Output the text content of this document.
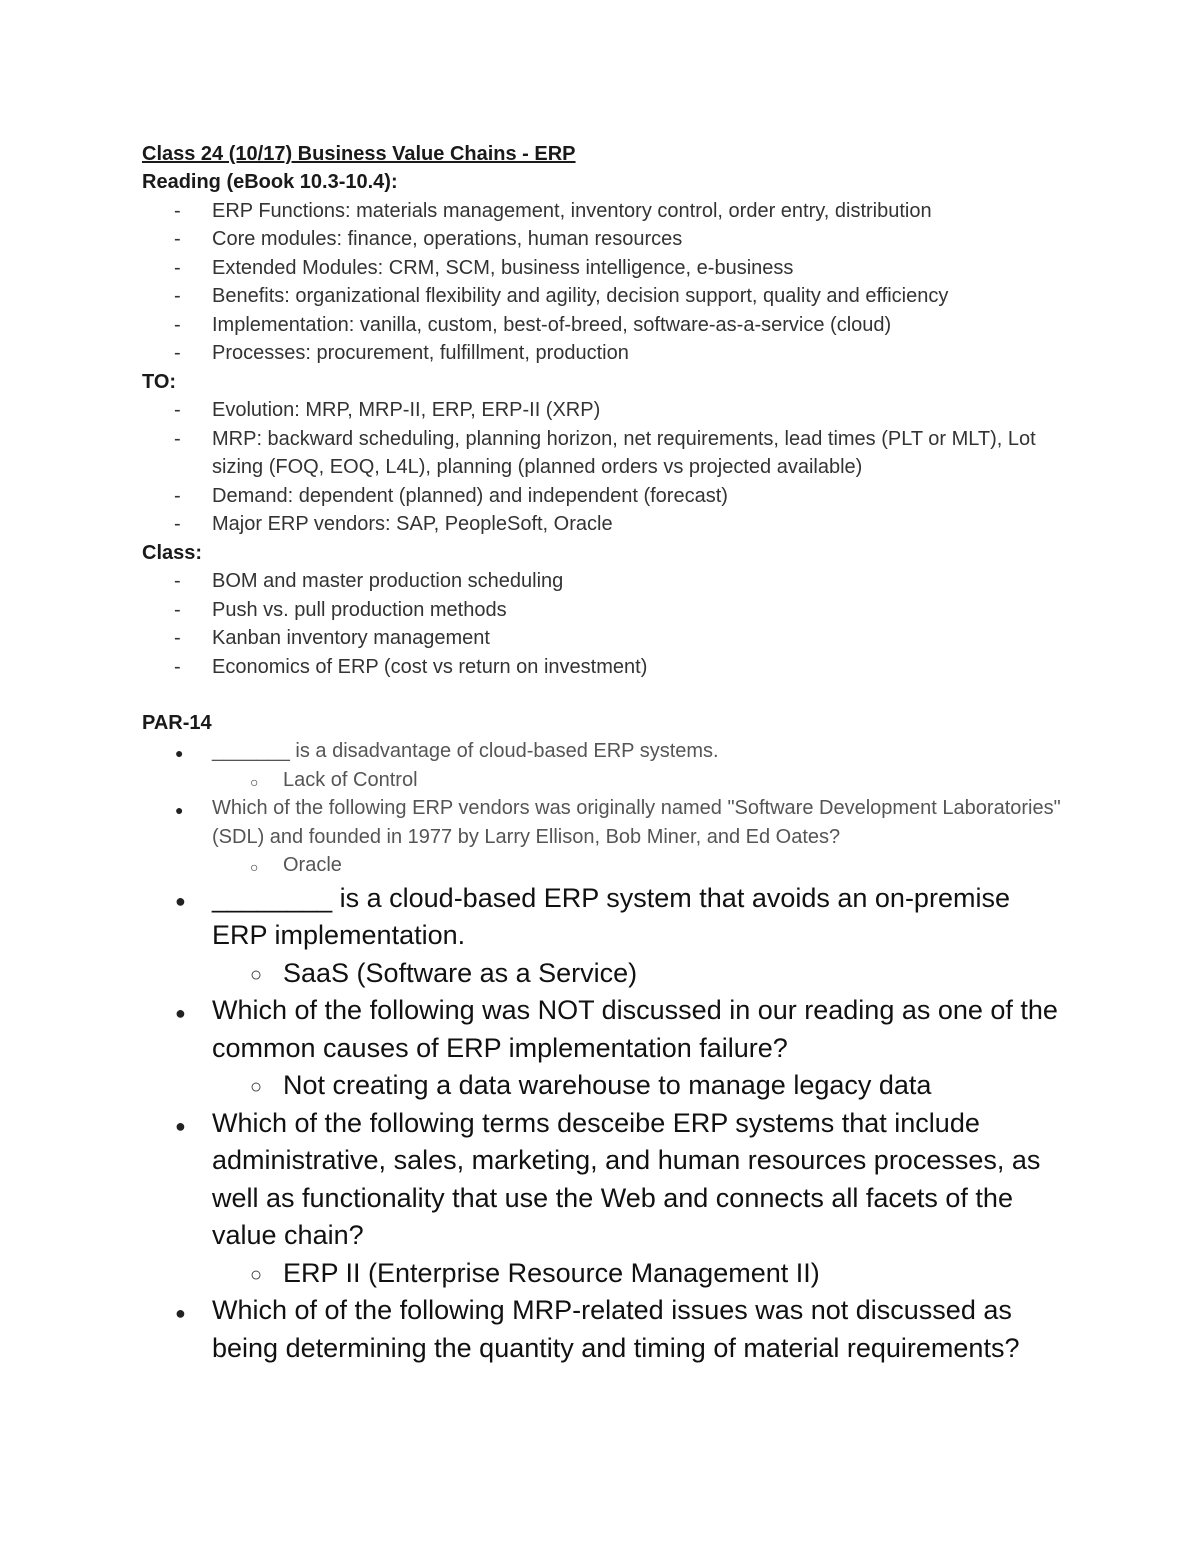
Class 24 (10/17) Business Value Chains - ERP
Reading (eBook 10.3-10.4):
- ERP Functions: materials management, inventory control, order entry, distribution
- Core modules: finance, operations, human resources
- Extended Modules: CRM, SCM, business intelligence, e-business
- Benefits: organizational flexibility and agility, decision support, quality and efficiency
- Implementation: vanilla, custom, best-of-breed, software-as-a-service (cloud)
- Processes: procurement, fulfillment, production
TO:
- Evolution: MRP, MRP-II, ERP, ERP-II (XRP)
- MRP: backward scheduling, planning horizon, net requirements, lead times (PLT or MLT), Lot sizing (FOQ, EOQ, L4L), planning (planned orders vs projected available)
- Demand: dependent (planned) and independent (forecast)
- Major ERP vendors: SAP, PeopleSoft, Oracle
Class:
- BOM and master production scheduling
- Push vs. pull production methods
- Kanban inventory management
- Economics of ERP (cost vs return on investment)
PAR-14
● _______ is a disadvantage of cloud-based ERP systems.
○ Lack of Control
● Which of the following ERP vendors was originally named "Software Development Laboratories" (SDL) and founded in 1977 by Larry Ellison, Bob Miner, and Ed Oates?
○ Oracle
● ________ is a cloud-based ERP system that avoids an on-premise ERP implementation.
○ SaaS (Software as a Service)
● Which of the following was NOT discussed in our reading as one of the common causes of ERP implementation failure?
○ Not creating a data warehouse to manage legacy data
● Which of the following terms desceibe ERP systems that include administrative, sales, marketing, and human resources processes, as well as functionality that use the Web and connects all facets of the value chain?
○ ERP II (Enterprise Resource Management II)
● Which of of the following MRP-related issues was not discussed as being determining the quantity and timing of material requirements?
